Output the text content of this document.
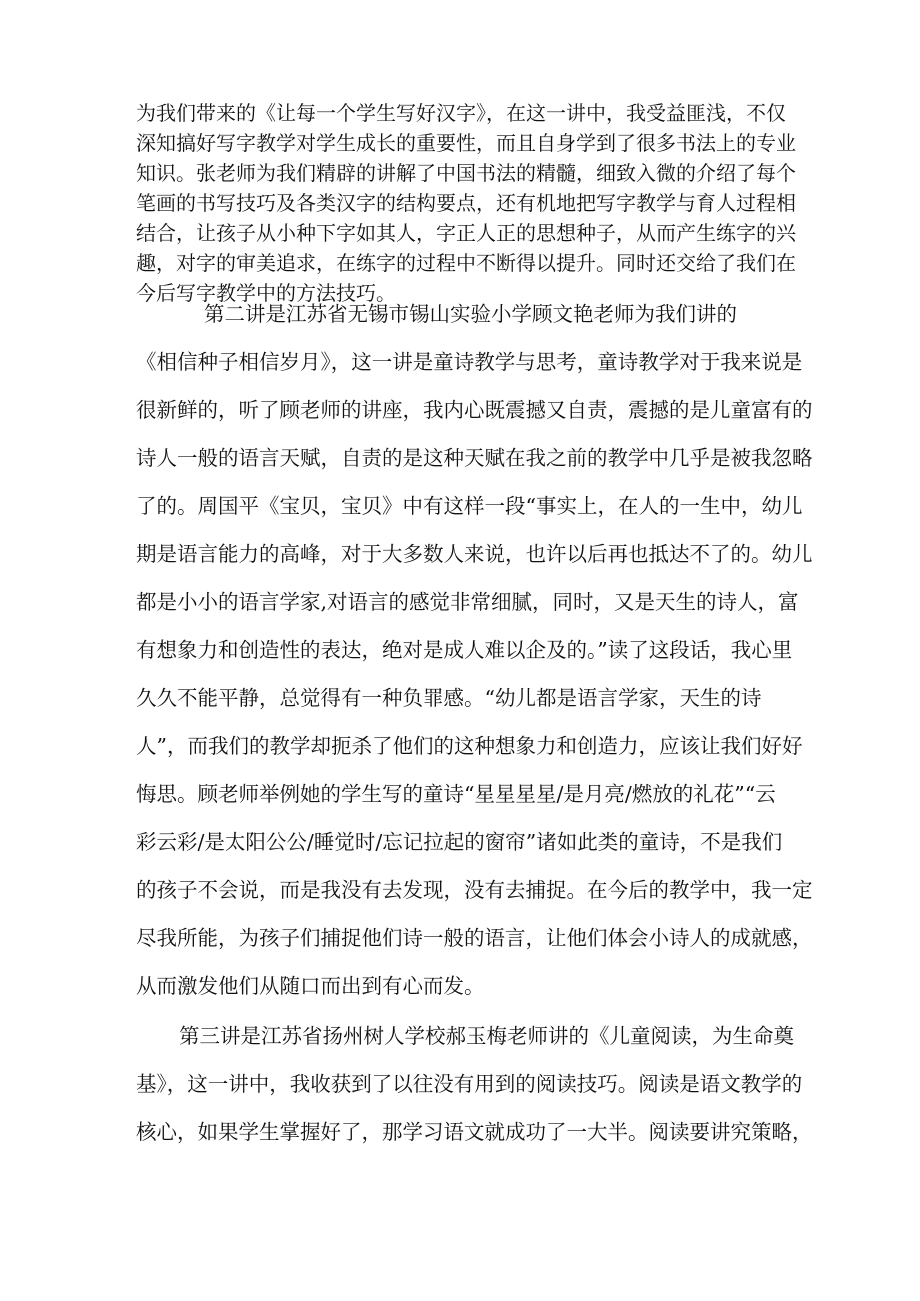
为我们带来的《让每一个学生写好汉字》，在这一讲中，我受益匪浅，不仅
深知搞好写字教学对学生成长的重要性，而且自身学到了很多书法上的专业
知识。张老师为我们精辟的讲解了中国书法的精髓，细致入微的介绍了每个
笔画的书写技巧及各类汉字的结构要点，还有机地把写字教学与育人过程相
结合，让孩子从小种下字如其人，字正人正的思想种子，从而产生练字的兴
趣，对字的审美追求，在练字的过程中不断得以提升。同时还交给了我们在
今后写字教学中的方法技巧。
第二讲是江苏省无锡市锡山实验小学顾文艳老师为我们讲的
《相信种子相信岁月》，这一讲是童诗教学与思考，童诗教学对于我来说是
很新鲜的，听了顾老师的讲座，我内心既震撼又自责，震撼的是儿童富有的
诗人一般的语言天赋，自责的是这种天赋在我之前的教学中几乎是被我忽略
了的。周国平《宝贝，宝贝》中有这样一段“事实上，在人的一生中，幼儿
期是语言能力的高峰，对于大多数人来说，也许以后再也抵达不了的。幼儿
都是小小的语言学家,对语言的感觉非常细腻，同时，又是天生的诗人，富
有想象力和创造性的表达，绝对是成人难以企及的。”读了这段话，我心里
久久不能平静，总觉得有一种负罪感。“幼儿都是语言学家，天生的诗
人”，而我们的教学却扼杀了他们的这种想象力和创造力，应该让我们好好
悔思。顾老师举例她的学生写的童诗“星星星星/是月亮/燃放的礼花”“云
彩云彩/是太阳公公/睡觉时/忘记拉起的窗帘”诸如此类的童诗，不是我们
的孩子不会说，而是我没有去发现，没有去捕捉。在今后的教学中，我一定
尽我所能，为孩子们捕捉他们诗一般的语言，让他们体会小诗人的成就感，
从而激发他们从随口而出到有心而发。
第三讲是江苏省扬州树人学校郝玉梅老师讲的《儿童阅读，为生命奠
基》，这一讲中，我收获到了以往没有用到的阅读技巧。阅读是语文教学的
核心，如果学生掌握好了，那学习语文就成功了一大半。阅读要讲究策略，
